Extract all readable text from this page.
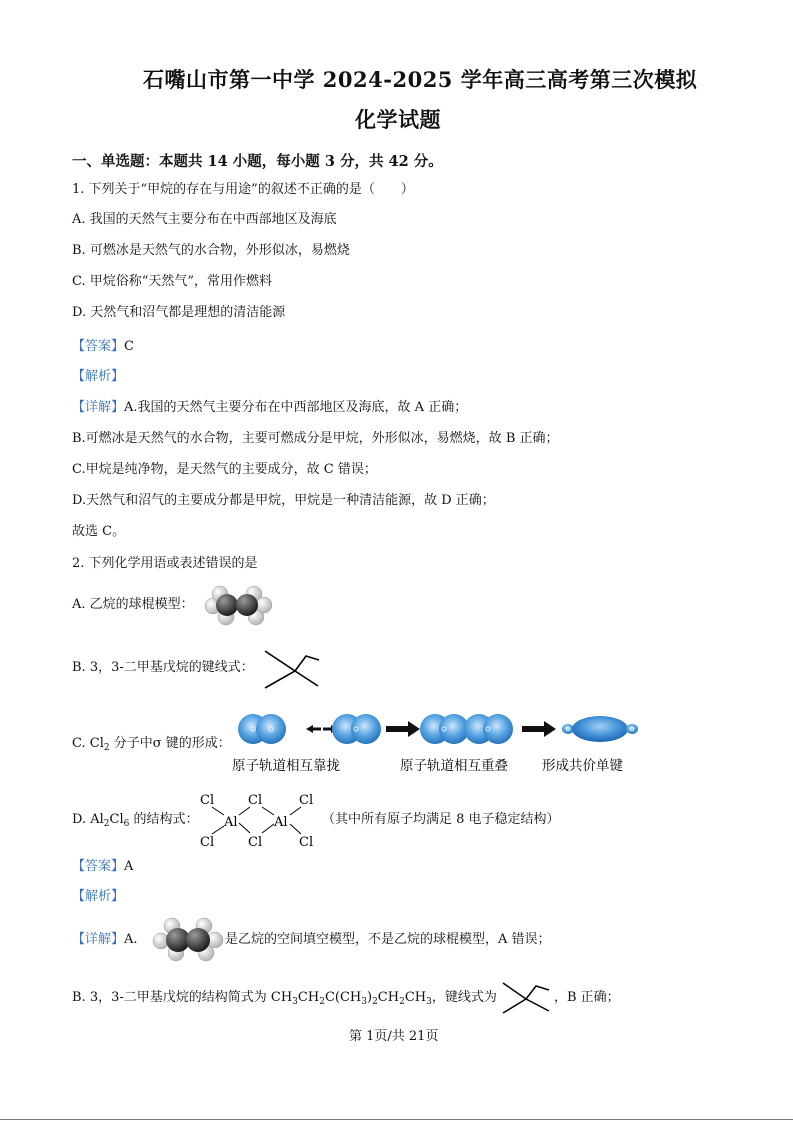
石嘴山市第一中学 2024-2025 学年高三高考第三次模拟
化学试题
一、单选题：本题共 14 小题，每小题 3 分，共 42 分。
1. 下列关于“甲烷的存在与用途”的叙述不正确的是（　　）
A. 我国的天然气主要分布在中西部地区及海底
B. 可燃冰是天然气的水合物，外形似冰，易燃烧
C. 甲烷俗称“天然气”，常用作燃料
D. 天然气和沼气都是理想的清洁能源
【答案】C
【解析】
【详解】A.我国的天然气主要分布在中西部地区及海底，故 A 正确；
B.可燃冰是天然气的水合物，主要可燃成分是甲烷，外形似冰，易燃烧，故 B 正确；
C.甲烷是纯净物，是天然气的主要成分，故 C 错误；
D.天然气和沼气的主要成分都是甲烷，甲烷是一种清洁能源，故 D 正确；
故选 C。
2. 下列化学用语或表述错误的是
A. 乙烷的球棍模型：
B. 3，3-二甲基戊烷的键线式：
C. $Cl_2$ 分子中σ 键的形成：
原子轨道相互靠拢	原子轨道相互重叠	形成共价单键
D. $Al_2Cl_6$ 的结构式：
Cl	Cl	Cl
Al	Al
Cl	Cl	Cl
（其中所有原子均满足 8 电子稳定结构）
【答案】A
【解析】
【详解】A.	是乙烷的空间填空模型，不是乙烷的球棍模型，A 错误；
B. 3，3-二甲基戊烷的结构简式为 $CH_3CH_2C(CH_3)_2CH_2CH_3$，键线式为	，B 正确；
第 1页/共 21页
